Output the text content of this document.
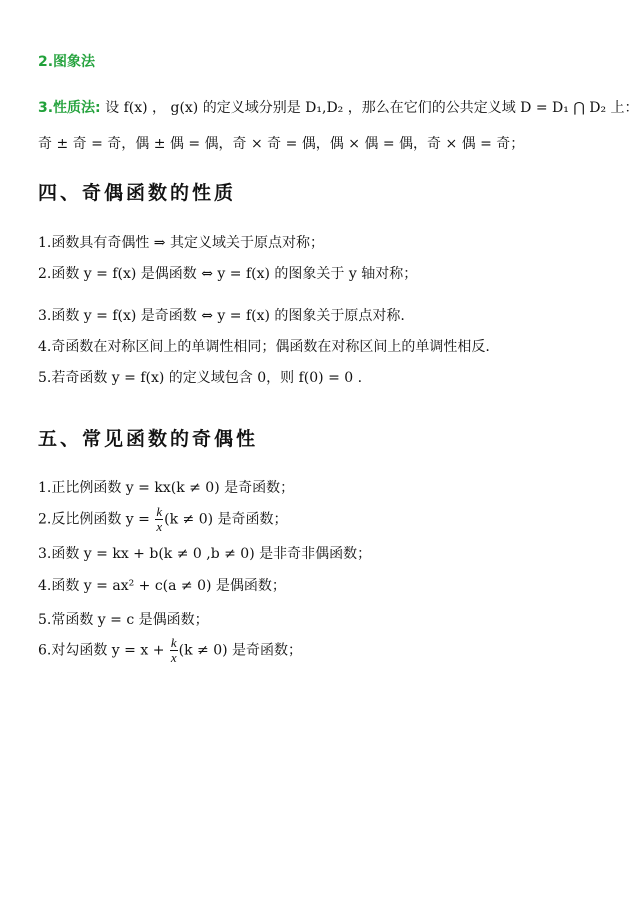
2.图象法
3.性质法: 设 f(x) ， g(x) 的定义域分别是 D₁,D₂ ，那么在它们的公共定义域 D = D₁ ⋂ D₂ 上：
奇 ± 奇 = 奇，偶 ± 偶 = 偶，奇 × 奇 = 偶，偶 × 偶 = 偶，奇 × 偶 = 奇；
四、奇偶函数的性质
1.函数具有奇偶性 ⇒ 其定义域关于原点对称；
2.函数 y = f(x) 是偶函数 ⇔ y = f(x) 的图象关于 y 轴对称；
3.函数 y = f(x) 是奇函数 ⇔ y = f(x) 的图象关于原点对称.
4.奇函数在对称区间上的单调性相同；偶函数在对称区间上的单调性相反.
5.若奇函数 y = f(x) 的定义域包含 0，则 f(0) = 0 .
五、常见函数的奇偶性
1.正比例函数 y = kx(k ≠ 0) 是奇函数；
2.反比例函数 $y = \frac{k}{x} (k \ne 0)$ 是奇函数；
3.函数 y = kx + b(k ≠ 0 ,b ≠ 0) 是非奇非偶函数；
4.函数 y = ax² + c(a ≠ 0) 是偶函数；
5.常函数 y = c 是偶函数；
6.对勾函数 $y = x + \frac{k}{x} (k \ne 0)$ 是奇函数；
